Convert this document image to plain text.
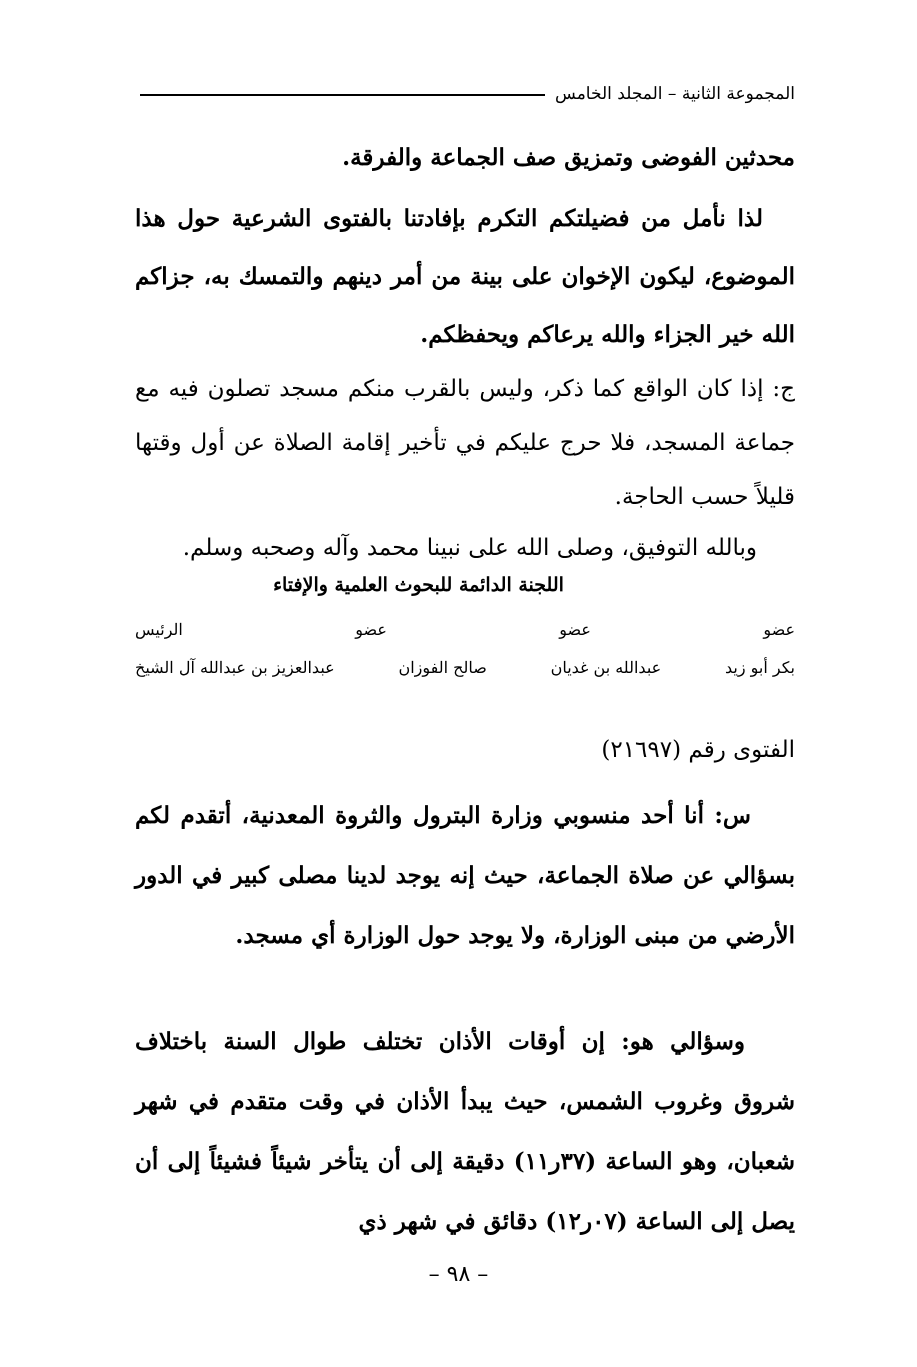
المجموعة الثانية – المجلد الخامس

محدثين الفوضى وتمزيق صف الجماعة والفرقة.

لذا نأمل من فضيلتكم التكرم بإفادتنا بالفتوى الشرعية حول هذا الموضوع، ليكون الإخوان على بينة من أمر دينهم والتمسك به، جزاكم الله خير الجزاء والله يرعاكم ويحفظكم.

ج: إذا كان الواقع كما ذكر، وليس بالقرب منكم مسجد تصلون فيه مع جماعة المسجد، فلا حرج عليكم في تأخير إقامة الصلاة عن أول وقتها قليلاً حسب الحاجة.

وبالله التوفيق، وصلى الله على نبينا محمد وآله وصحبه وسلم.

اللجنة الدائمة للبحوث العلمية والإفتاء
عضو
عضو
عضو
الرئيس
بكر أبو زيد
عبدالله بن غديان
صالح الفوزان
عبدالعزيز بن عبدالله آل الشيخ

الفتوى رقم (٢١٦٩٧)

س: أنا أحد منسوبي وزارة البترول والثروة المعدنية، أتقدم لكم بسؤالي عن صلاة الجماعة، حيث إنه يوجد لدينا مصلى كبير في الدور الأرضي من مبنى الوزارة، ولا يوجد حول الوزارة أي مسجد.

وسؤالي هو: إن أوقات الأذان تختلف طوال السنة باختلاف شروق وغروب الشمس، حيث يبدأ الأذان في وقت متقدم في شهر شعبان، وهو الساعة (٣٧ر١١) دقيقة إلى أن يتأخر شيئاً فشيئاً إلى أن يصل إلى الساعة (٠٧ر١٢) دقائق في شهر ذي

– ٩٨ –
